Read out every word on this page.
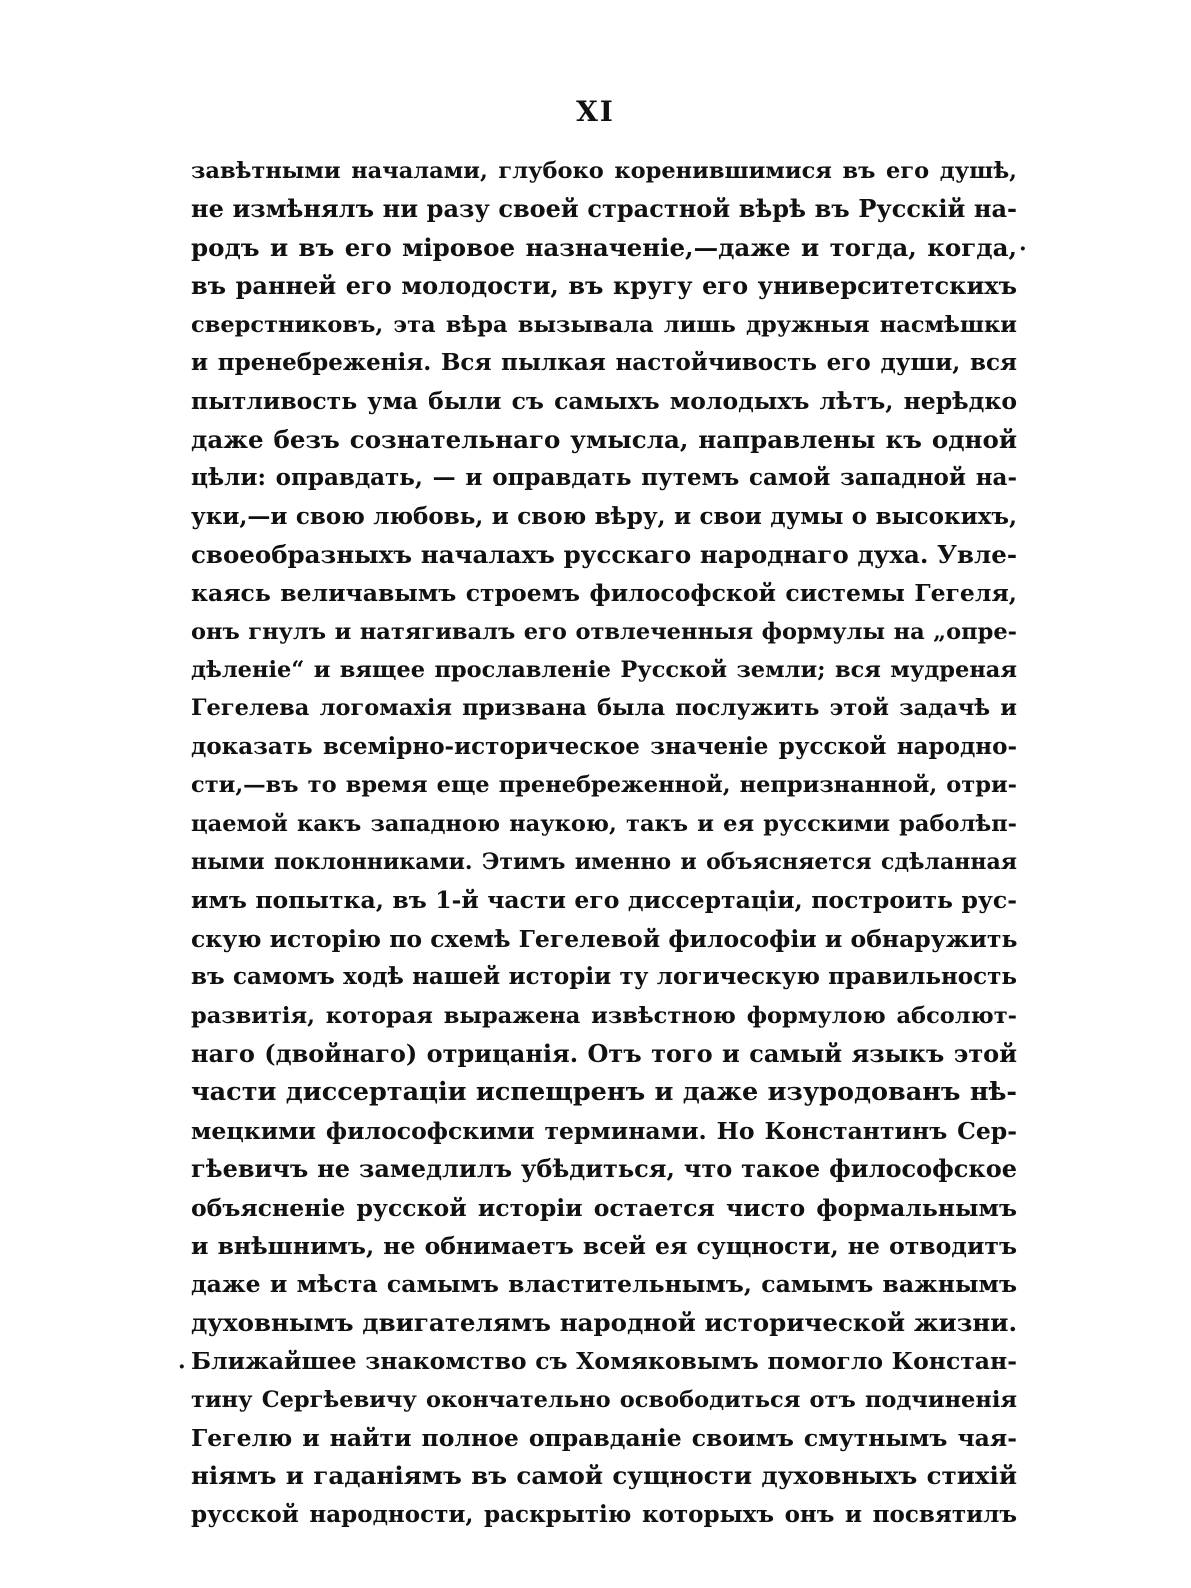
XI
·
·
завѣтными началами, глубоко коренившимися въ его душѣ,
не измѣнялъ ни разу своей страстной вѣрѣ въ Русскій на-
родъ и въ его міровое назначеніе,—даже и тогда, когда,
въ ранней его молодости, въ кругу его университетскихъ
сверстниковъ, эта вѣра вызывала лишь дружныя насмѣшки
и пренебреженія. Вся пылкая настойчивость его души, вся
пытливость ума были съ самыхъ молодыхъ лѣтъ, нерѣдко
даже безъ сознательнаго умысла, направлены къ одной
цѣли: оправдать, — и оправдать путемъ самой западной на-
уки,—и свою любовь, и свою вѣру, и свои думы о высокихъ,
своеобразныхъ началахъ русскаго народнаго духа. Увле-
каясь величавымъ строемъ философской системы Гегеля,
онъ гнулъ и натягивалъ его отвлеченныя формулы на „опре-
дѣленіе“ и вящее прославленіе Русской земли; вся мудреная
Гегелева логомахія призвана была послужить этой задачѣ и
доказать всемірно-историческое значеніе русской народно-
сти,—въ то время еще пренебреженной, непризнанной, отри-
цаемой какъ западною наукою, такъ и ея русскими раболѣп-
ными поклонниками. Этимъ именно и объясняется сдѣланная
имъ попытка, въ 1-й части его диссертаціи, построить рус-
скую исторію по схемѣ Гегелевой философіи и обнаружить
въ самомъ ходѣ нашей исторіи ту логическую правильность
развитія, которая выражена извѣстною формулою абсолют-
наго (двойнаго) отрицанія. Отъ того и самый языкъ этой
части диссертаціи испещренъ и даже изуродованъ нѣ-
мецкими философскими терминами. Но Константинъ Сер-
гѣевичъ не замедлилъ убѣдиться, что такое философское
объясненіе русской исторіи остается чисто формальнымъ
и внѣшнимъ, не обнимаетъ всей ея сущности, не отводитъ
даже и мѣста самымъ властительнымъ, самымъ важнымъ
духовнымъ двигателямъ народной исторической жизни.
Ближайшее знакомство съ Хомяковымъ помогло Констан-
тину Сергѣевичу окончательно освободиться отъ подчиненія
Гегелю и найти полное оправданіе своимъ смутнымъ чая-
ніямъ и гаданіямъ въ самой сущности духовныхъ стихій
русской народности, раскрытію которыхъ онъ и посвятилъ
